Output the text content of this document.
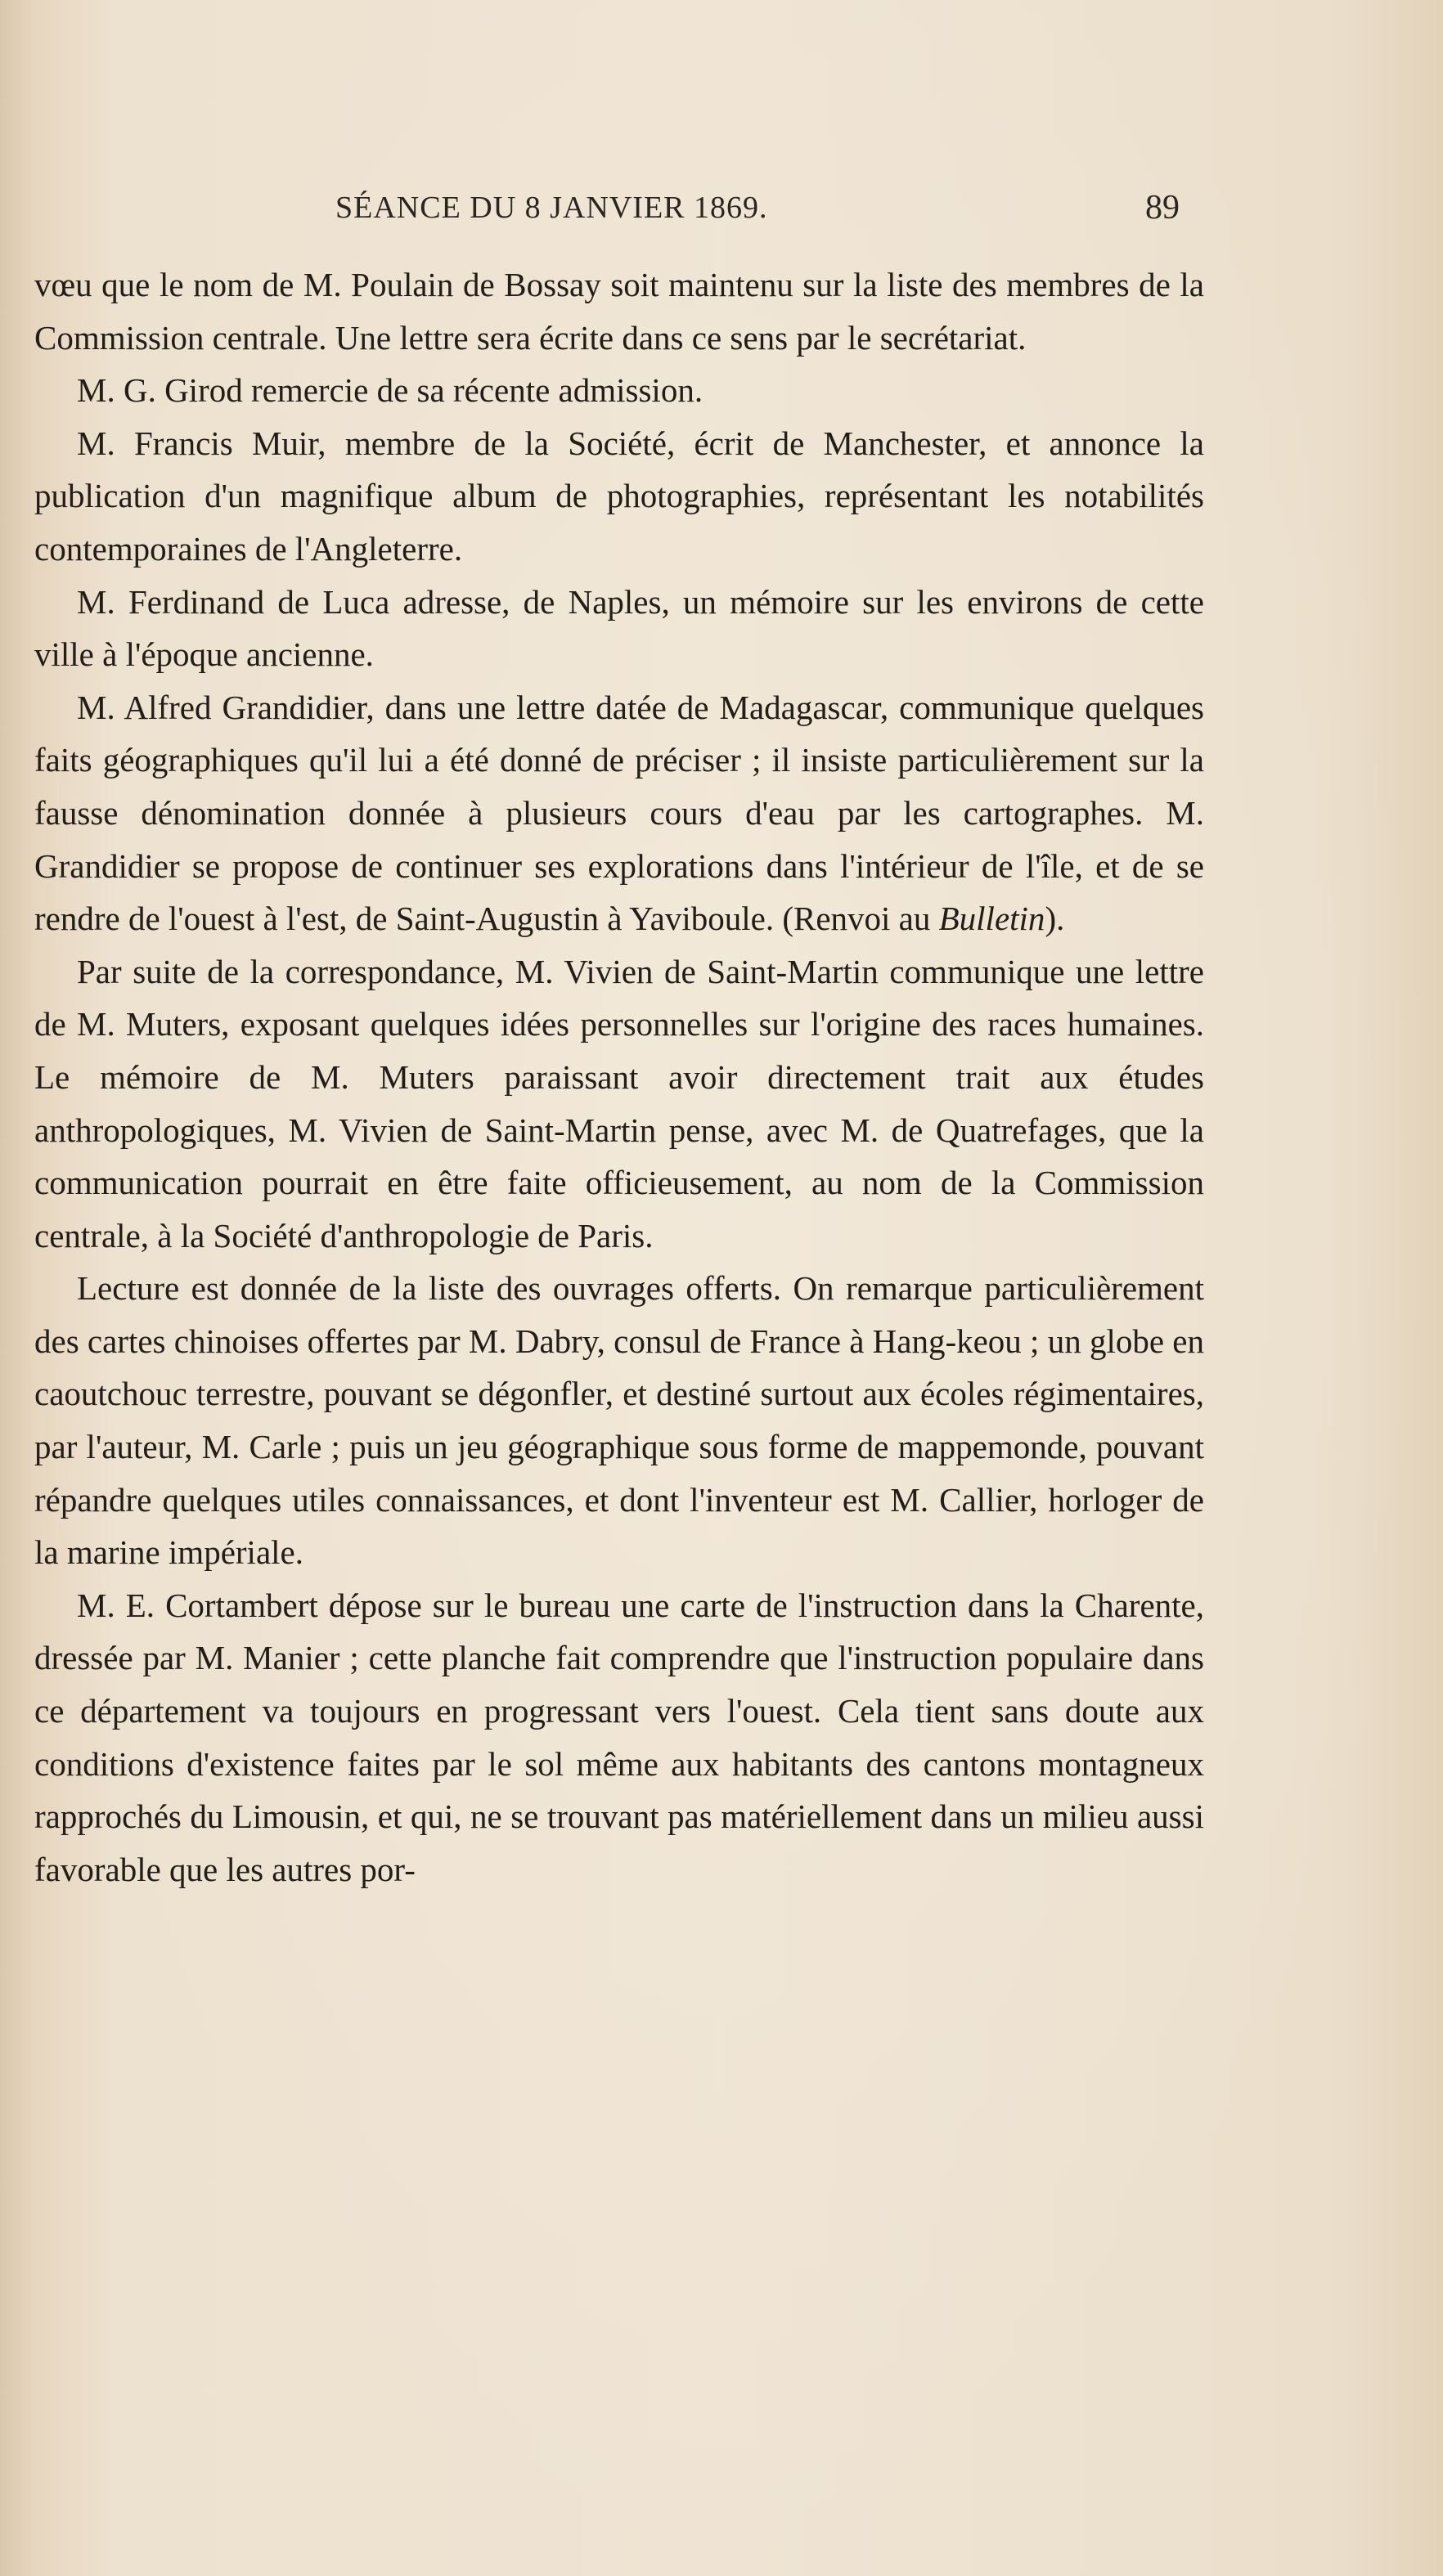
SÉANCE DU 8 JANVIER 1869.	89

vœu que le nom de M. Poulain de Bossay soit maintenu sur la liste des membres de la Commission centrale. Une lettre sera écrite dans ce sens par le secrétariat.

M. G. Girod remercie de sa récente admission.

M. Francis Muir, membre de la Société, écrit de Manchester, et annonce la publication d'un magnifique album de photographies, représentant les notabilités contemporaines de l'Angleterre.

M. Ferdinand de Luca adresse, de Naples, un mémoire sur les environs de cette ville à l'époque ancienne.

M. Alfred Grandidier, dans une lettre datée de Madagascar, communique quelques faits géographiques qu'il lui a été donné de préciser ; il insiste particulièrement sur la fausse dénomination donnée à plusieurs cours d'eau par les cartographes. M. Grandidier se propose de continuer ses explorations dans l'intérieur de l'île, et de se rendre de l'ouest à l'est, de Saint-Augustin à Yaviboule. (Renvoi au Bulletin).

Par suite de la correspondance, M. Vivien de Saint-Martin communique une lettre de M. Muters, exposant quelques idées personnelles sur l'origine des races humaines. Le mémoire de M. Muters paraissant avoir directement trait aux études anthropologiques, M. Vivien de Saint-Martin pense, avec M. de Quatrefages, que la communication pourrait en être faite officieusement, au nom de la Commission centrale, à la Société d'anthropologie de Paris.

Lecture est donnée de la liste des ouvrages offerts. On remarque particulièrement des cartes chinoises offertes par M. Dabry, consul de France à Hang-keou ; un globe en caoutchouc terrestre, pouvant se dégonfler, et destiné surtout aux écoles régimentaires, par l'auteur, M. Carle ; puis un jeu géographique sous forme de mappemonde, pouvant répandre quelques utiles connaissances, et dont l'inventeur est M. Callier, horloger de la marine impériale.

M. E. Cortambert dépose sur le bureau une carte de l'instruction dans la Charente, dressée par M. Manier ; cette planche fait comprendre que l'instruction populaire dans ce département va toujours en progressant vers l'ouest. Cela tient sans doute aux conditions d'existence faites par le sol même aux habitants des cantons montagneux rapprochés du Limousin, et qui, ne se trouvant pas matériellement dans un milieu aussi favorable que les autres por-
